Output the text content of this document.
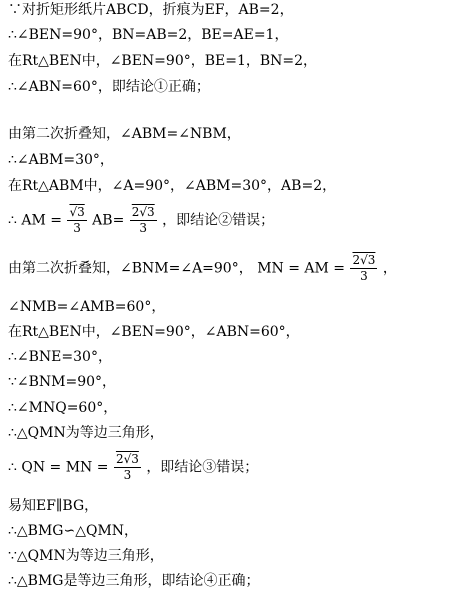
∵对折矩形纸片ABCD，折痕为EF，AB=2，
∴∠BEN=90°，BN=AB=2，BE=AE=1，
在Rt△BEN中，∠BEN=90°，BE=1，BN=2，
∴∠ABN=60°，即结论①正确；
由第二次折叠知，∠ABM=∠NBM，
∴∠ABM=30°，
在Rt△ABM中，∠A=90°，∠ABM=30°，AB=2，
∴ AM = $\frac{√3}{3} AB= \frac{2√3}{3}$ ，即结论②错误；
由第二次折叠知，∠BNM=∠A=90°， MN = AM = $\frac{2√3}{3}$ ，
∠NMB=∠AMB=60°，
在Rt△BEN中，∠BEN=90°，∠ABN=60°，
∴∠BNE=30°，
∵∠BNM=90°，
∴∠MNQ=60°，
∴△QMN为等边三角形，
∴ QN = MN = $\frac{2√3}{3}$ ，即结论③错误；
易知EF∥BG，
∴△BMG∽△QMN，
∵△QMN为等边三角形，
∴△BMG是等边三角形，即结论④正确；
